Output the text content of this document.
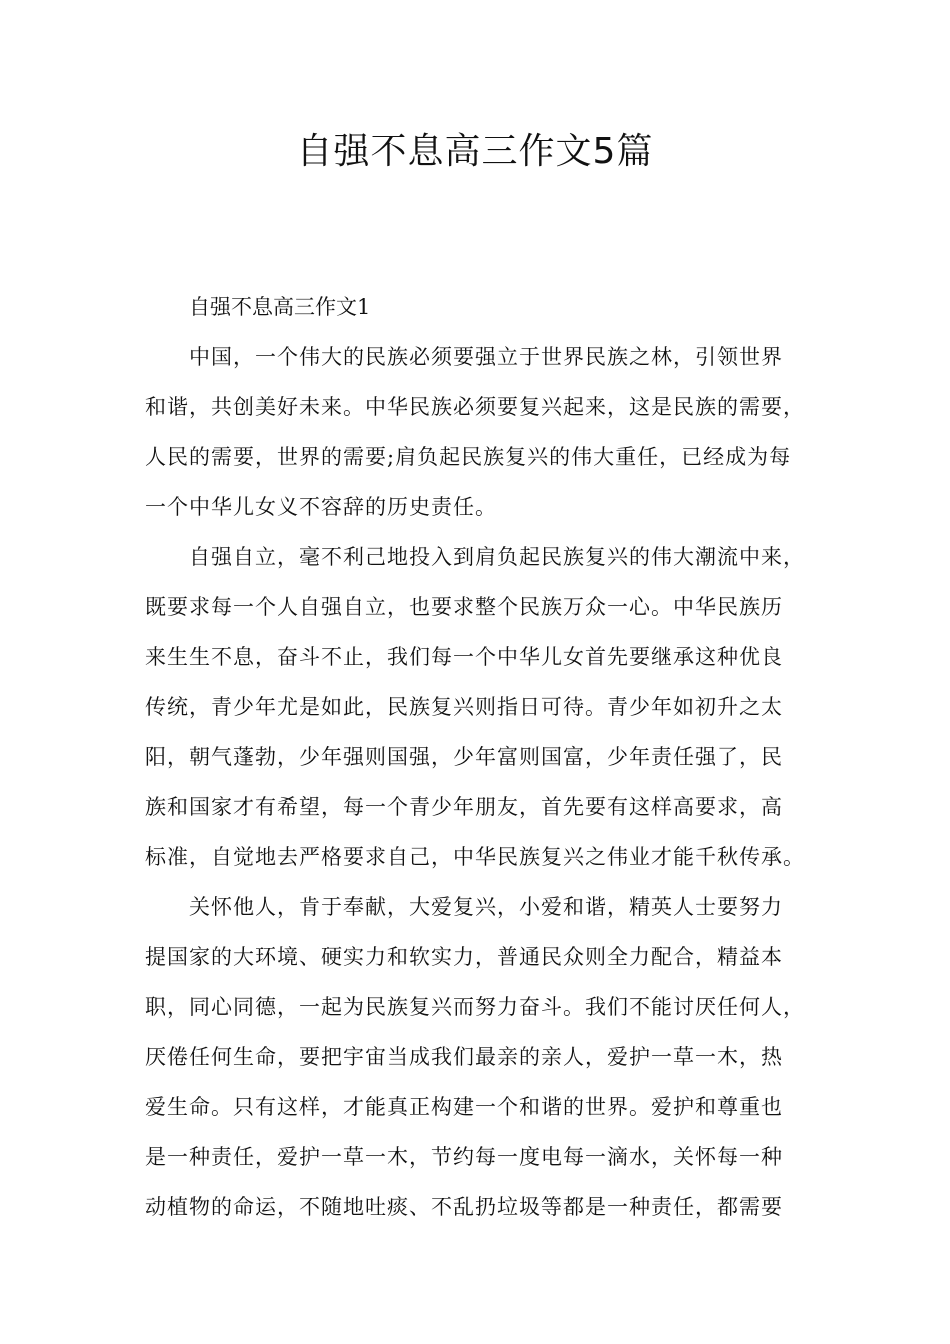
自强不息高三作文5篇

自强不息高三作文1

中国，一个伟大的民族必须要强立于世界民族之林，引领世界
和谐，共创美好未来。中华民族必须要复兴起来，这是民族的需要，
人民的需要，世界的需要;肩负起民族复兴的伟大重任，已经成为每
一个中华儿女义不容辞的历史责任。

自强自立，毫不利己地投入到肩负起民族复兴的伟大潮流中来，
既要求每一个人自强自立，也要求整个民族万众一心。中华民族历
来生生不息，奋斗不止，我们每一个中华儿女首先要继承这种优良
传统，青少年尤是如此，民族复兴则指日可待。青少年如初升之太
阳，朝气蓬勃，少年强则国强，少年富则国富，少年责任强了，民
族和国家才有希望，每一个青少年朋友，首先要有这样高要求，高
标准，自觉地去严格要求自己，中华民族复兴之伟业才能千秋传承。

关怀他人，肯于奉献，大爱复兴，小爱和谐，精英人士要努力
提国家的大环境、硬实力和软实力，普通民众则全力配合，精益本
职，同心同德，一起为民族复兴而努力奋斗。我们不能讨厌任何人，
厌倦任何生命，要把宇宙当成我们最亲的亲人，爱护一草一木，热
爱生命。只有这样，才能真正构建一个和谐的世界。爱护和尊重也
是一种责任，爱护一草一木，节约每一度电每一滴水，关怀每一种
动植物的命运，不随地吐痰、不乱扔垃圾等都是一种责任，都需要
